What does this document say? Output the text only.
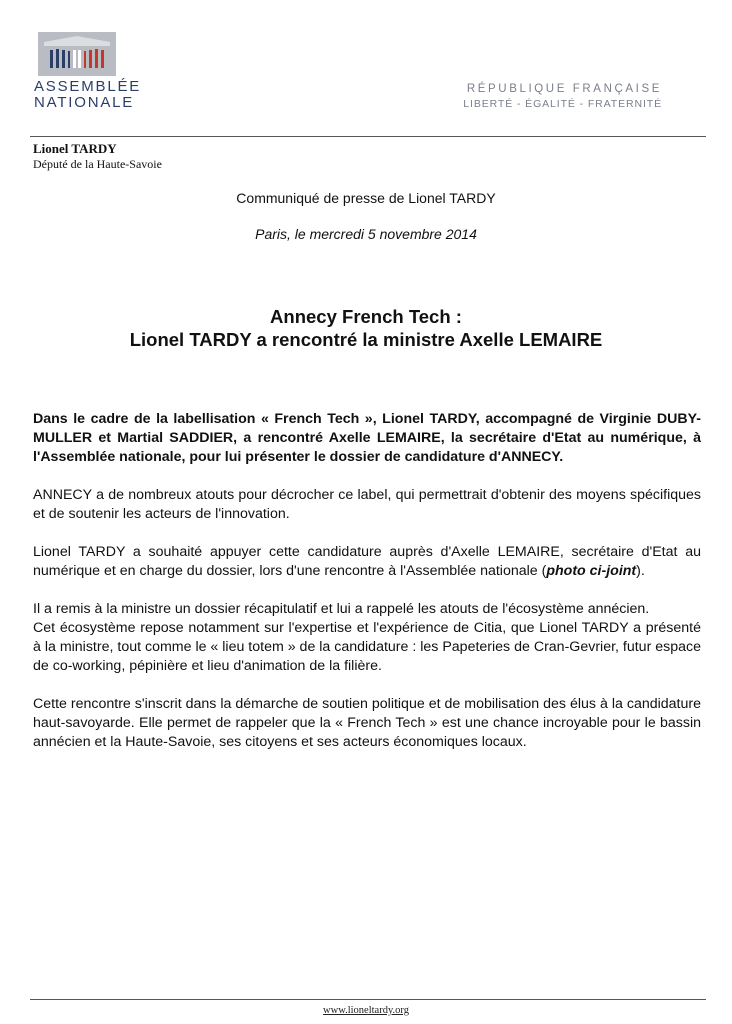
ASSEMBLÉE
NATIONALE
RÉPUBLIQUE FRANÇAISE
LIBERTÉ - ÉGALITÉ - FRATERNITÉ
Lionel TARDY
Député de la Haute-Savoie
Communiqué de presse de Lionel TARDY
Paris, le mercredi 5 novembre 2014
Annecy French Tech :
Lionel TARDY a rencontré la ministre Axelle LEMAIRE

Dans le cadre de la labellisation « French Tech », Lionel TARDY, accompagné de Virginie DUBY-MULLER et Martial SADDIER, a rencontré Axelle LEMAIRE, la secrétaire d'Etat au numérique, à l'Assemblée nationale, pour lui présenter le dossier de candidature d'ANNECY.

ANNECY a de nombreux atouts pour décrocher ce label, qui permettrait d'obtenir des moyens spécifiques et de soutenir les acteurs de l'innovation.

Lionel TARDY a souhaité appuyer cette candidature auprès d'Axelle LEMAIRE, secrétaire d'Etat au numérique et en charge du dossier, lors d'une rencontre à l'Assemblée nationale (photo ci-joint).

Il a remis à la ministre un dossier récapitulatif et lui a rappelé les atouts de l'écosystème annécien.

Cet écosystème repose notamment sur l'expertise et l'expérience de Citia, que Lionel TARDY a présenté à la ministre, tout comme le « lieu totem » de la candidature : les Papeteries de Cran-Gevrier, futur espace de co-working, pépinière et lieu d'animation de la filière.

Cette rencontre s'inscrit dans la démarche de soutien politique et de mobilisation des élus à la candidature haut-savoyarde. Elle permet de rappeler que la « French Tech » est une chance incroyable pour le bassin annécien et la Haute-Savoie, ses citoyens et ses acteurs économiques locaux.

www.lioneltardy.org
